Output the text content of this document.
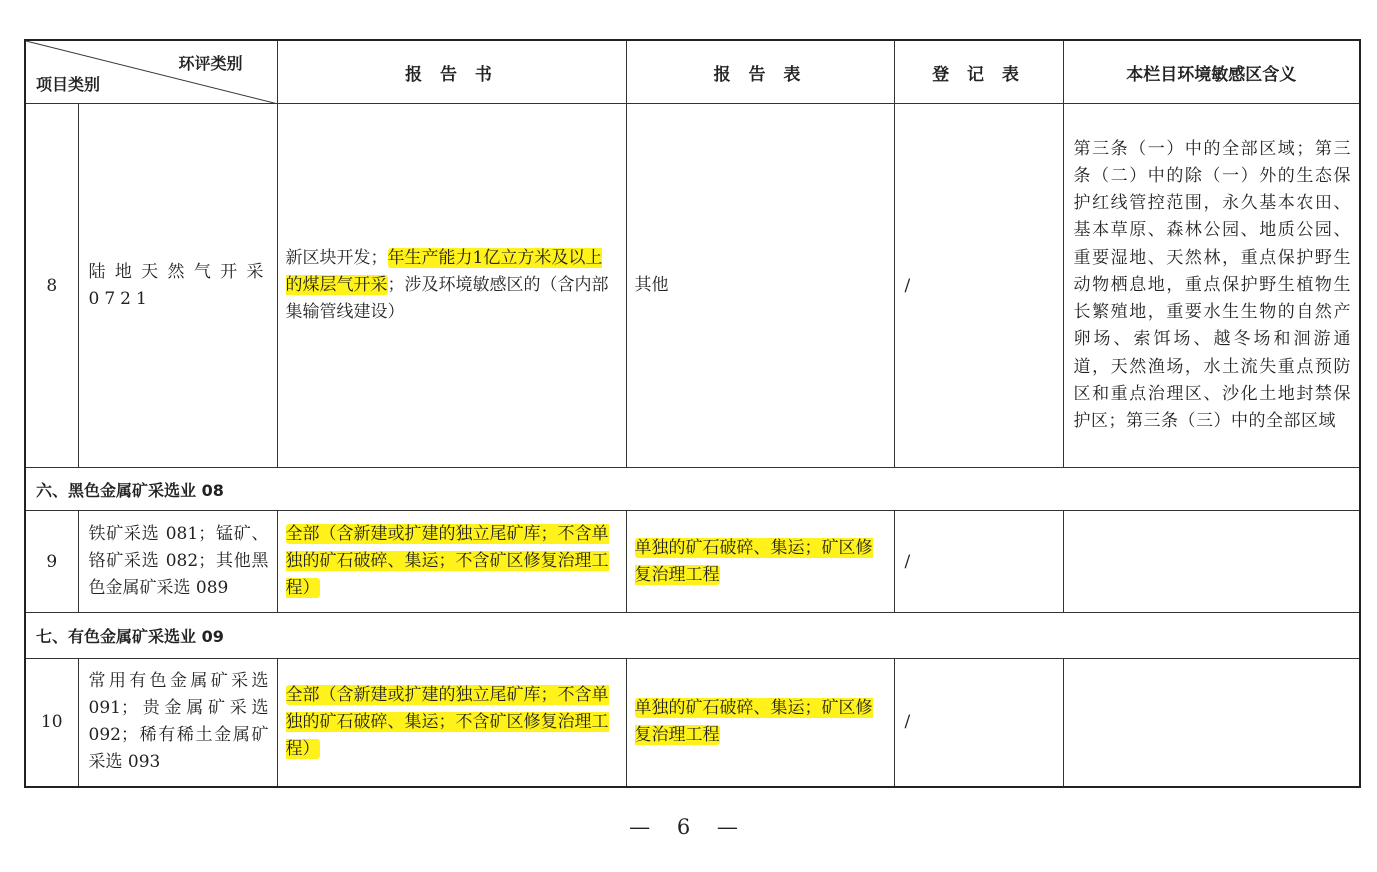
环评类别
项目类别		报 告 书	报 告 表	登 记 表	本栏目环境敏感区含义
8	陆地天然气开采 0721	新区块开发；年生产能力1亿立方米及以上的煤层气开采；涉及环境敏感区的（含内部集输管线建设）	其他	/	第三条（一）中的全部区域；第三条（二）中的除（一）外的生态保护红线管控范围，永久基本农田、基本草原、森林公园、地质公园、重要湿地、天然林，重点保护野生动物栖息地，重点保护野生植物生长繁殖地，重要水生生物的自然产卵场、索饵场、越冬场和洄游通道，天然渔场，水土流失重点预防区和重点治理区、沙化土地封禁保护区；第三条（三）中的全部区域
六、黑色金属矿采选业 08					
9	铁矿采选 081；锰矿、铬矿采选 082；其他黑色金属矿采选 089	全部（含新建或扩建的独立尾矿库；不含单独的矿石破碎、集运；不含矿区修复治理工程）	单独的矿石破碎、集运；矿区修复治理工程	/	
七、有色金属矿采选业 09					
10	常用有色金属矿采选 091；贵金属矿采选 092；稀有稀土金属矿采选 093	全部（含新建或扩建的独立尾矿库；不含单独的矿石破碎、集运；不含矿区修复治理工程）	单独的矿石破碎、集运；矿区修复治理工程	/	
— 6 —
